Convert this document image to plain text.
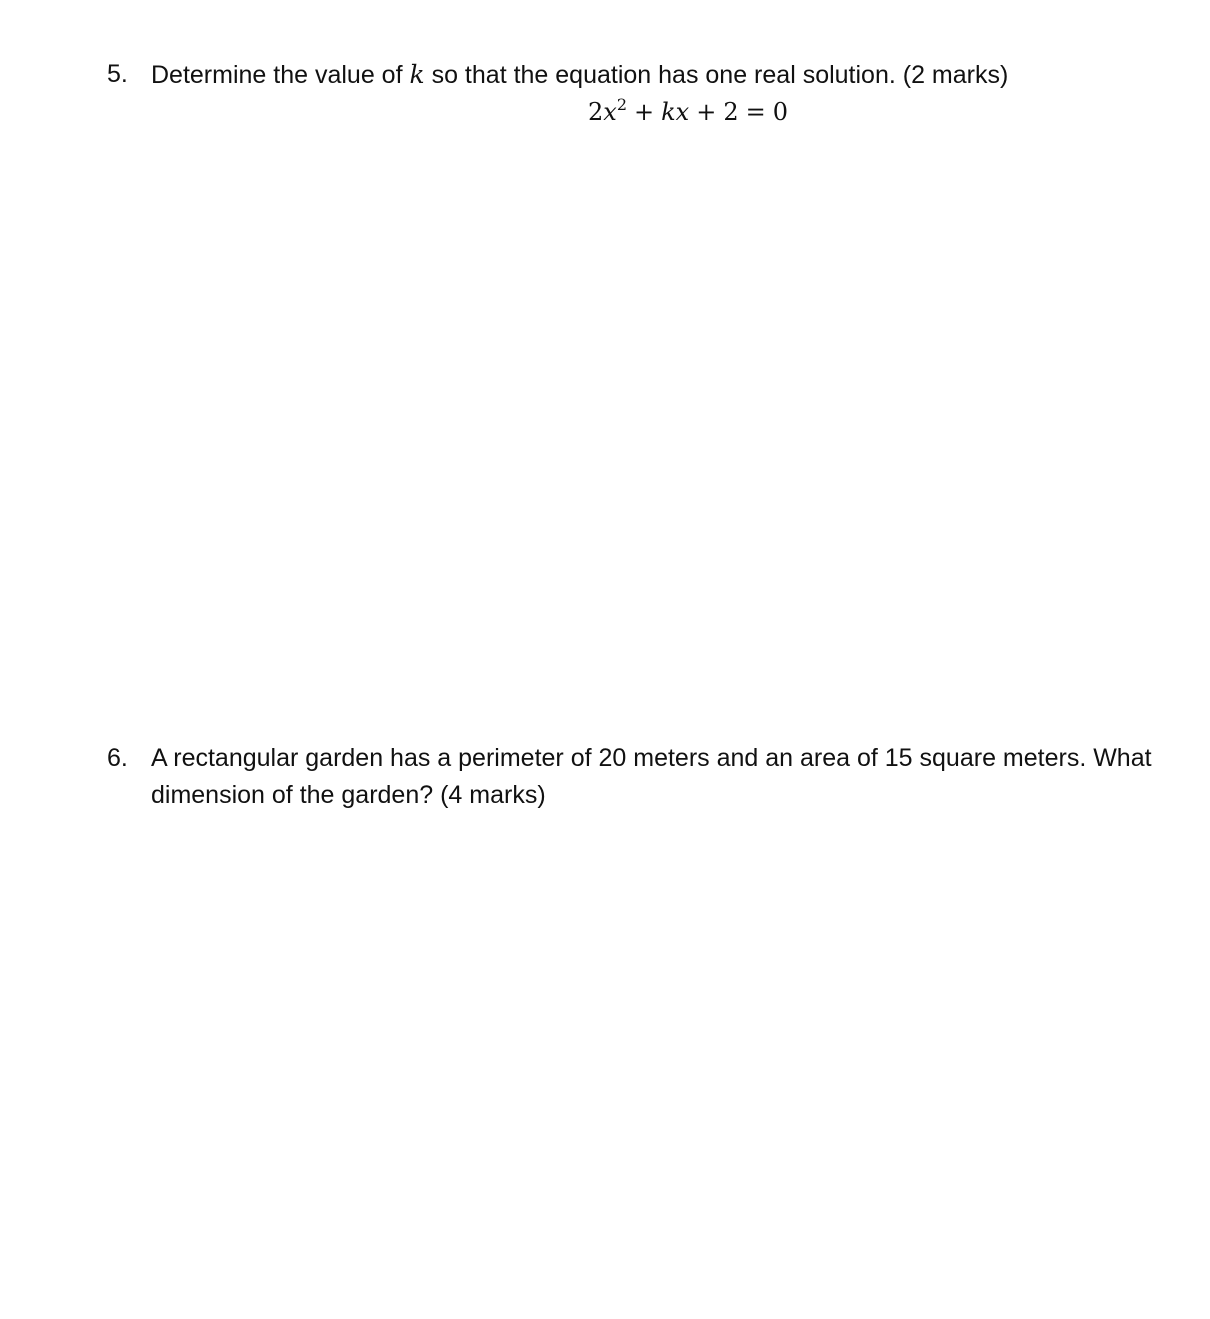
5. Determine the value of k so that the equation has one real solution. (2 marks)
$2x^2$ + kx + 2 = 0
6. A rectangular garden has a perimeter of 20 meters and an area of 15 square meters. What
dimension of the garden? (4 marks)
